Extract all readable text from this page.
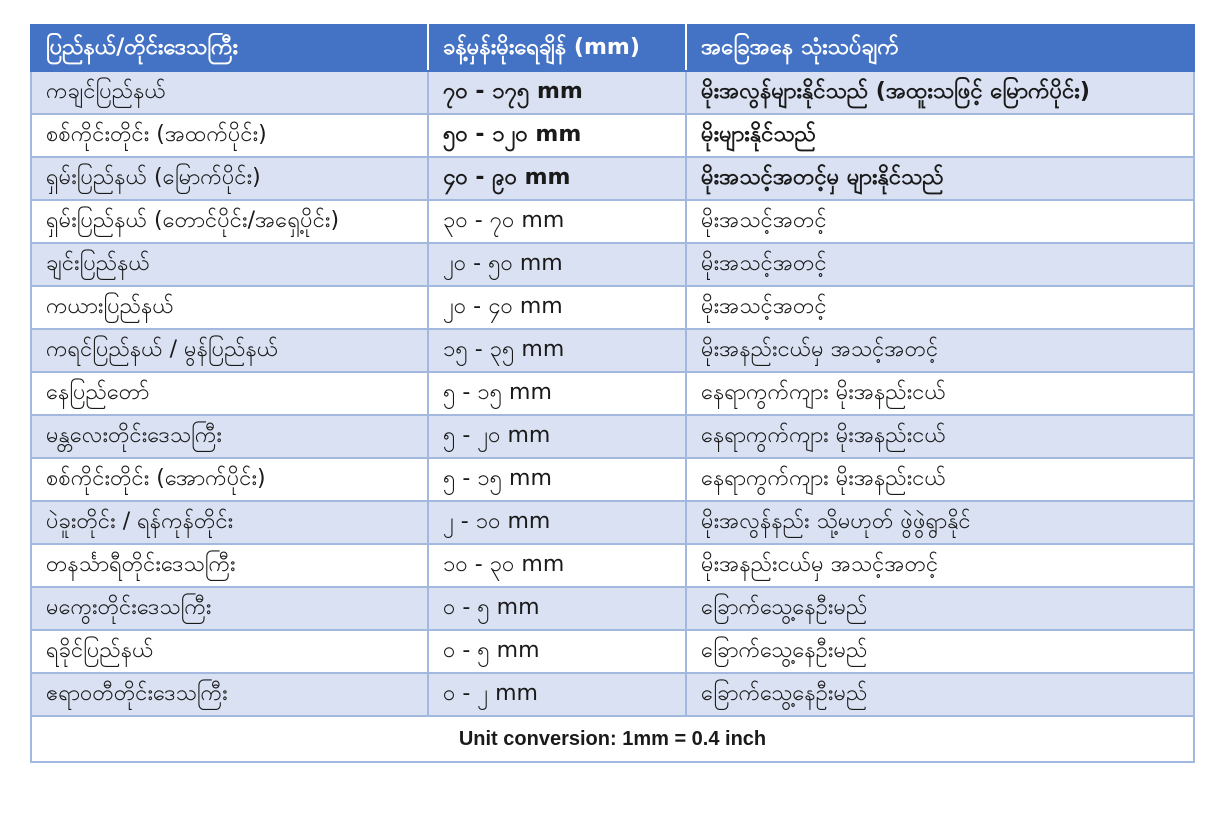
ပြည်နယ်/တိုင်းဒေသကြီး	ခန့်မှန်းမိုးရေချိန် (mm)	အခြေအနေ သုံးသပ်ချက်
ကချင်ပြည်နယ်	၇၀ - ၁၇၅ mm	မိုးအလွန်များနိုင်သည် (အထူးသဖြင့် မြောက်ပိုင်း)
စစ်ကိုင်းတိုင်း (အထက်ပိုင်း)	၅၀ - ၁၂၀ mm	မိုးများနိုင်သည်
ရှမ်းပြည်နယ် (မြောက်ပိုင်း)	၄၀ - ၉၀ mm	မိုးအသင့်အတင့်မှ များနိုင်သည်
ရှမ်းပြည်နယ် (တောင်ပိုင်း/အရှေ့ပိုင်း)	၃၀ - ၇၀ mm	မိုးအသင့်အတင့်
ချင်းပြည်နယ်	၂၀ - ၅၀ mm	မိုးအသင့်အတင့်
ကယားပြည်နယ်	၂၀ - ၄၀ mm	မိုးအသင့်အတင့်
ကရင်ပြည်နယ် / မွန်ပြည်နယ်	၁၅ - ၃၅ mm	မိုးအနည်းငယ်မှ အသင့်အတင့်
နေပြည်တော်	၅ - ၁၅ mm	နေရာကွက်ကျား မိုးအနည်းငယ်
မန္တလေးတိုင်းဒေသကြီး	၅ - ၂၀ mm	နေရာကွက်ကျား မိုးအနည်းငယ်
စစ်ကိုင်းတိုင်း (အောက်ပိုင်း)	၅ - ၁၅ mm	နေရာကွက်ကျား မိုးအနည်းငယ်
ပဲခူးတိုင်း / ရန်ကုန်တိုင်း	၂ - ၁၀ mm	မိုးအလွန်နည်း သို့မဟုတ် ဖွဲဖွဲရွာနိုင်
တနင်္သာရီတိုင်းဒေသကြီး	၁၀ - ၃၀ mm	မိုးအနည်းငယ်မှ အသင့်အတင့်
မကွေးတိုင်းဒေသကြီး	၀ - ၅ mm	ခြောက်သွေ့နေဦးမည်
ရခိုင်ပြည်နယ်	၀ - ၅ mm	ခြောက်သွေ့နေဦးမည်
ဧရာဝတီတိုင်းဒေသကြီး	၀ - ၂ mm	ခြောက်သွေ့နေဦးမည်
Unit conversion: 1mm = 0.4 inch		
